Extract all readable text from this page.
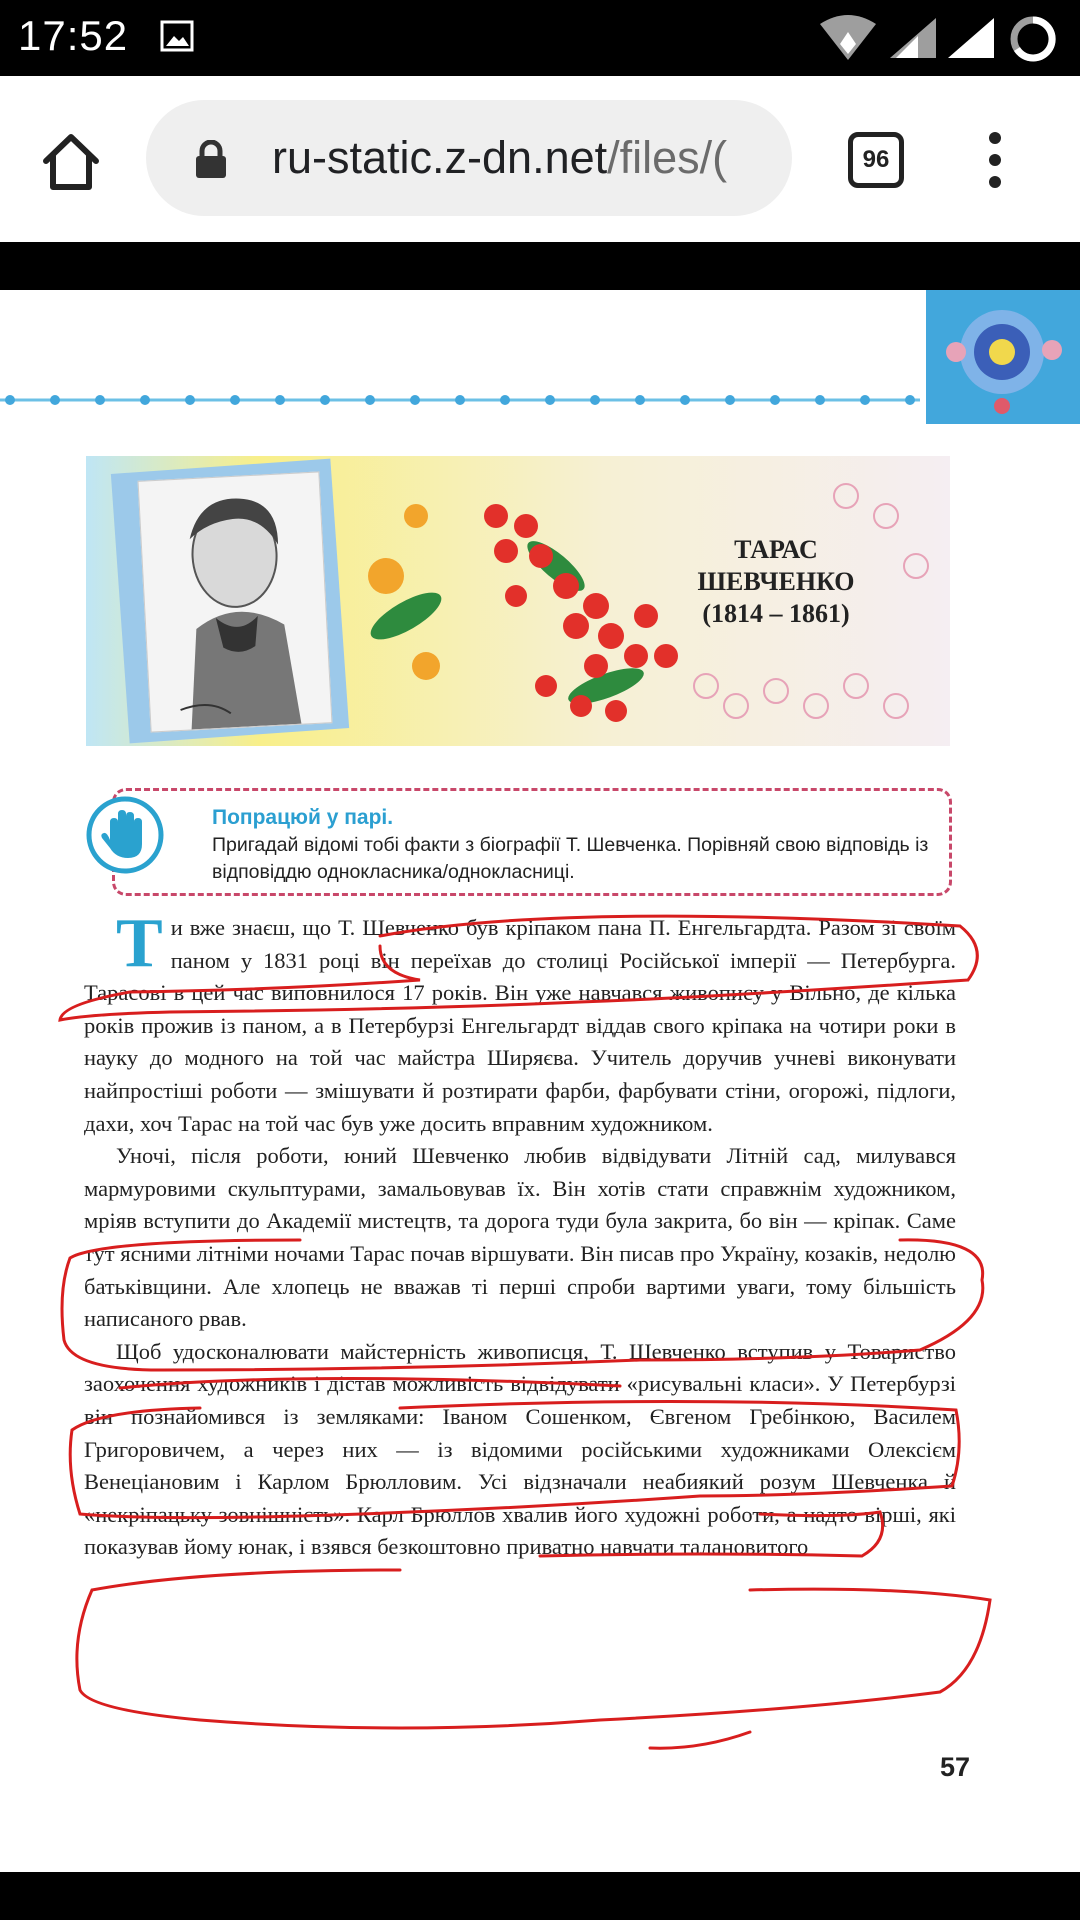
17:52
ru-static.z-dn.net/files/(	96
ТАРАС
ШЕВЧЕНКО
(1814 – 1861)
Попрацюй у парі.
Пригадай відомі тобі факти з біографії Т. Шевченка. Порівняй свою відповідь із відповіддю однокласника/однокласниці.

Ти вже знаєш, що Т. Шевченко був кріпаком пана П. Енгельгардта. Разом зі своїм паном у 1831 році він переїхав до столиці Російської імперії — Петербурга. Тарасові в цей час виповнилося 17 років. Він уже навчався живопису у Вільно, де кілька років прожив із паном, а в Петербурзі Енгельгардт віддав свого кріпака на чотири роки в науку до модного на той час майстра Ширяєва. Учитель доручив учневі виконувати найпростіші роботи — змішувати й розтирати фарби, фарбувати стіни, огорожі, підлоги, дахи, хоч Тарас на той час був уже досить вправним художником.

Уночі, після роботи, юний Шевченко любив відвідувати Літній сад, милувався мармуровими скульптурами, замальовував їх. Він хотів стати справжнім художником, мріяв вступити до Академії мистецтв, та дорога туди була закрита, бо він — кріпак. Саме тут ясними літніми ночами Тарас почав віршувати. Він писав про Україну, козаків, недолю батьківщини. Але хлопець не вважав ті перші спроби вартими уваги, тому більшість написаного рвав.

Щоб удосконалювати майстерність живописця, Т. Шевченко вступив у Товариство заохочення художників і дістав можливість відвідувати «рисувальні класи». У Петербурзі він познайомився із земляками: Іваном Сошенком, Євгеном Гребінкою, Василем Григоровичем, а через них — із відомими російськими художниками Олексієм Венеціановим і Карлом Брюлловим. Усі відзначали неабиякий розум Шевченка й «некріпацьку зовнішність». Карл Брюллов хвалив його художні роботи, а надто вірші, які показував йому юнак, і взявся безкоштовно приватно навчати талановитого

57
